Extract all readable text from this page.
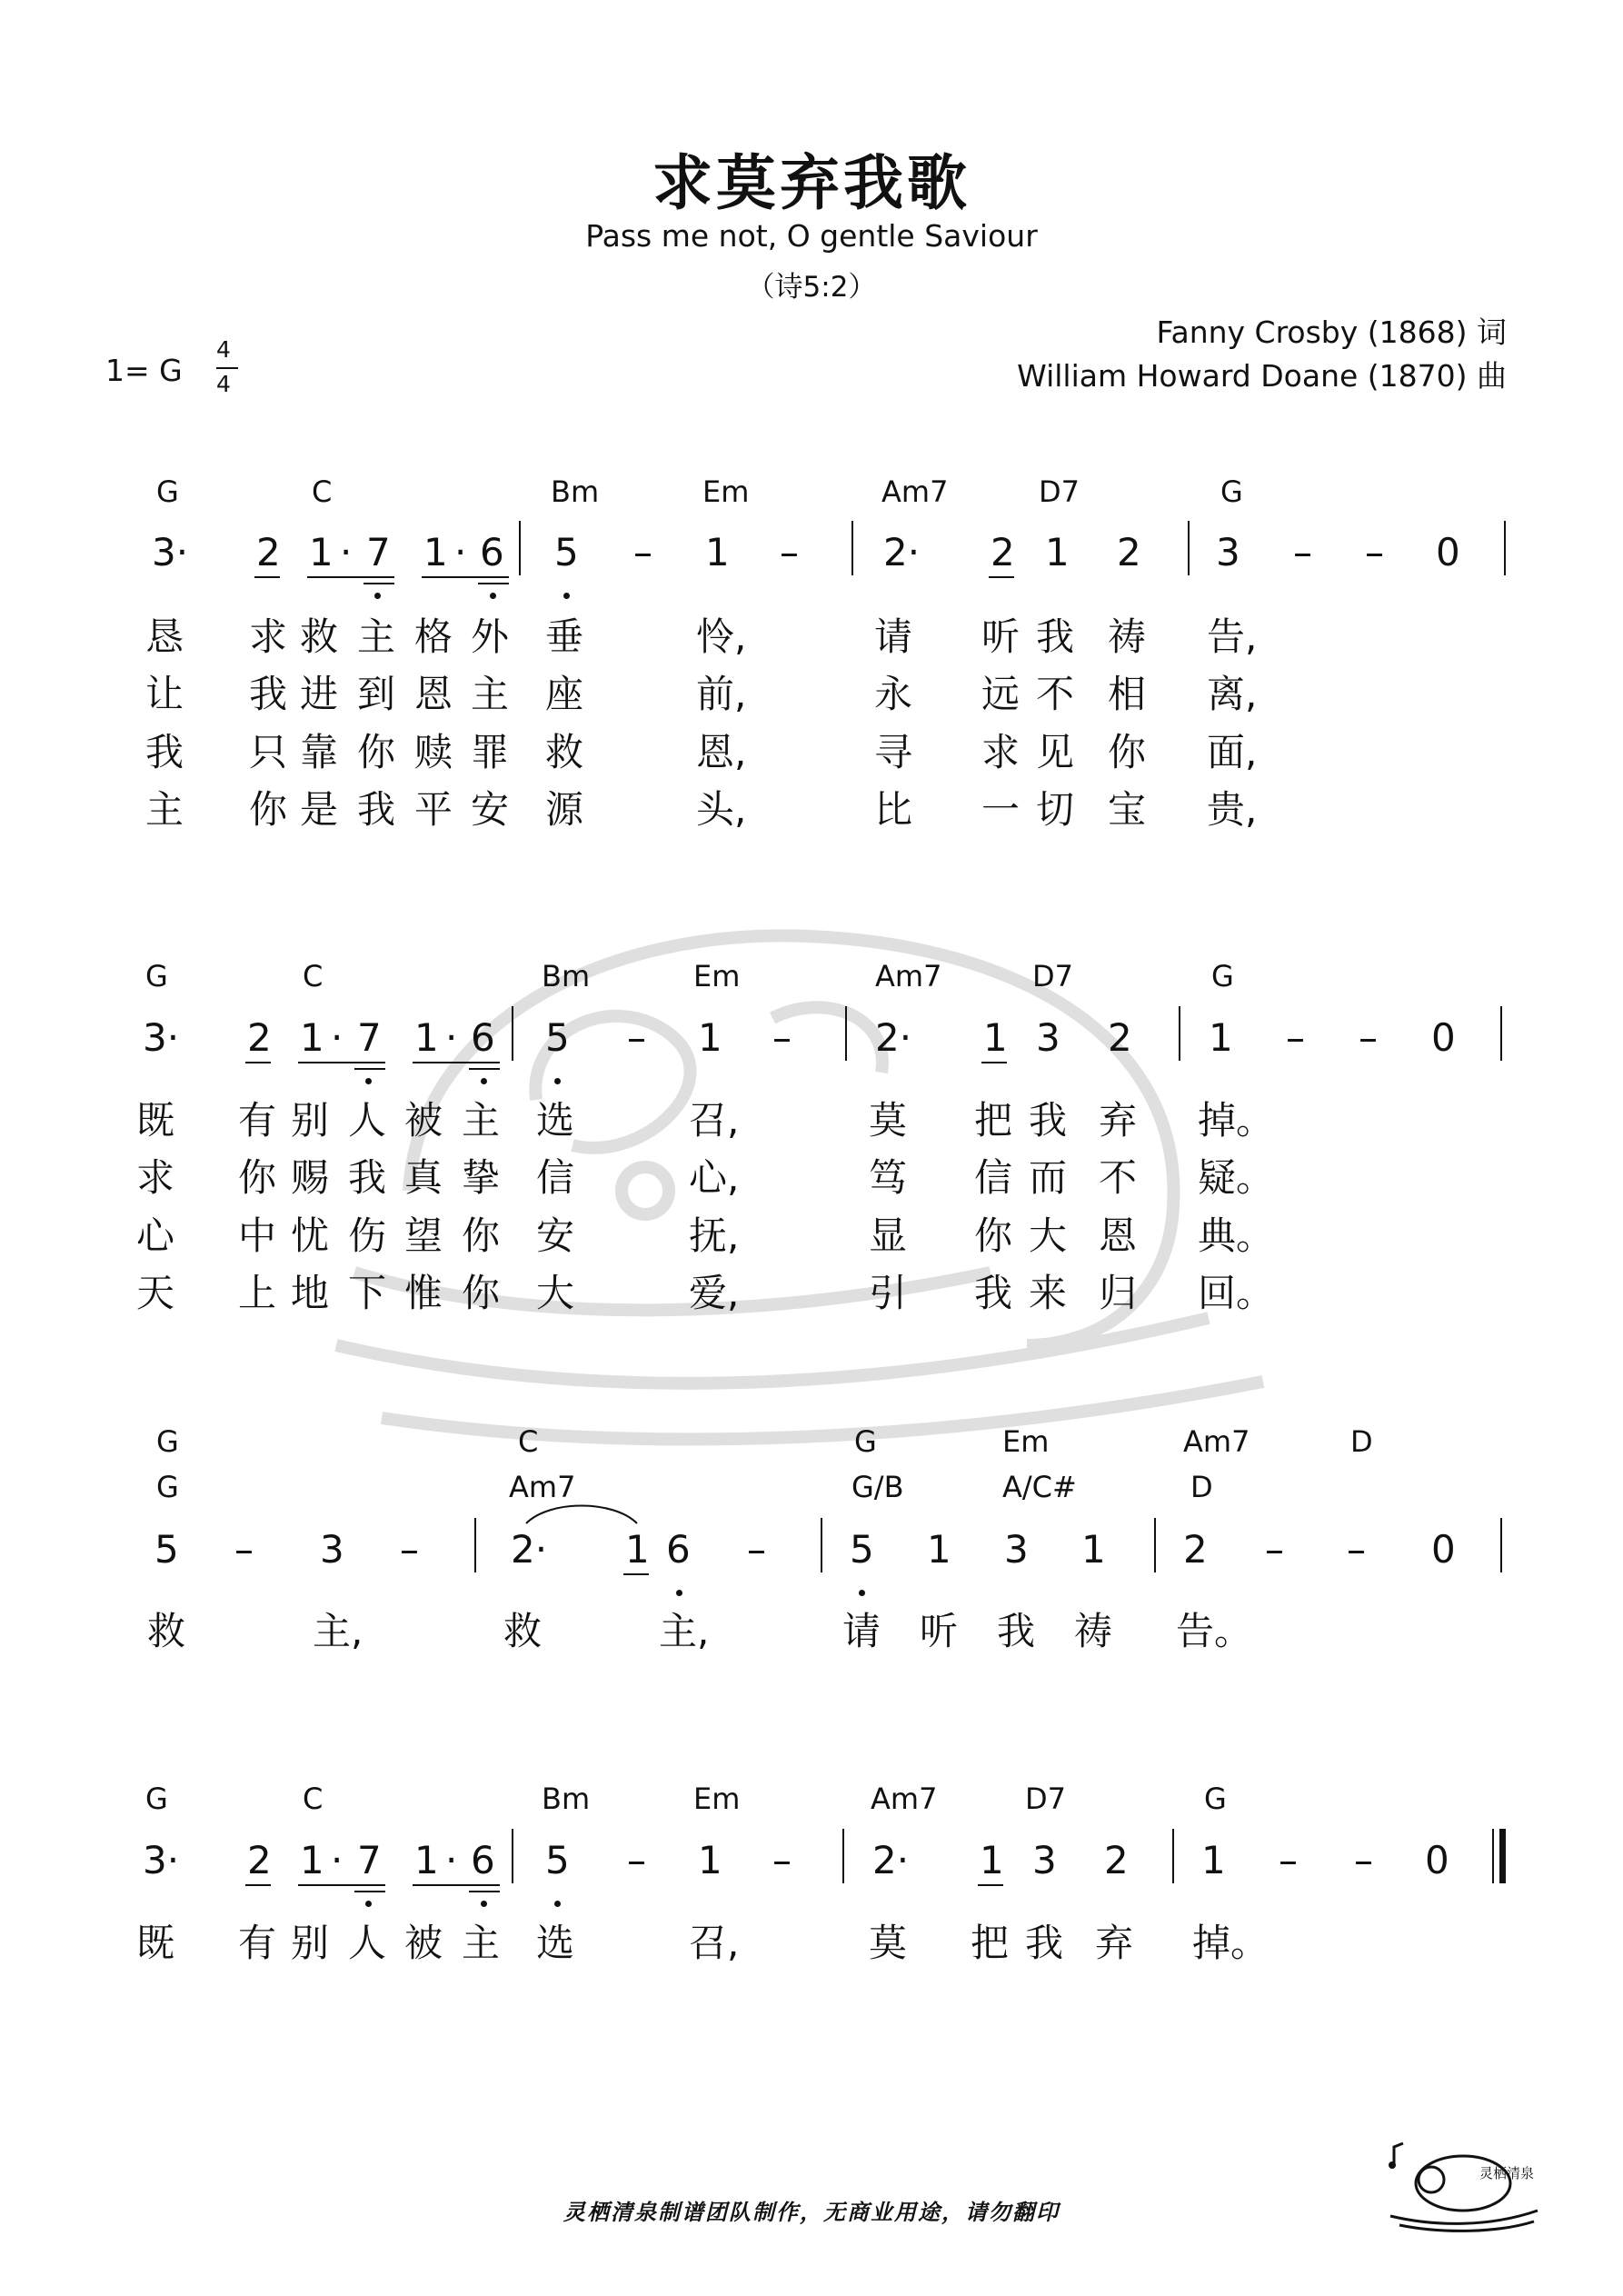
求莫弃我歌
Pass me not, O gentle Saviour
（诗5:2）
Fanny Crosby (1868) 词
William Howard Doane (1870) 曲
1= G
4
4
G	C	Bm	Em	Am7	D7	G
3· 2 1 · 7 1 · 6 5 – 1 – 2· 2 1 2 3 – – 0
恳 求 救 主 格 外 垂	怜,	请 听 我 祷 告,
让 我 进 到 恩 主 座	前,	永 远 不 相 离,
我 只 靠 你 赎 罪 救	恩,	寻 求 见 你 面,
主 你 是 我 平 安 源	头,	比 一 切 宝 贵,
G	C	Bm	Em	Am7	D7	G
3· 2 1 · 7 1 · 6 5 – 1 – 2· 1 3 2 1 – – 0
既 有 别 人 被 主 选	召,	莫 把 我 弃 掉。
求 你 赐 我 真 挚 信	心,	笃 信 而 不 疑。
心 中 忧 伤 望 你 安	抚,	显 你 大 恩 典。
天 上 地 下 惟 你 大	爱,	引 我 来 归 回。
G	C	G	Em	Am7	D
G	Am7	G/B	A/C#	D
5 – 3 – 2· 1 6 – 5 1 3 1 2 – – 0
救	主,	救	主,	请 听 我 祷 告。
G	C	Bm	Em	Am7	D7	G
3· 2 1 · 7 1 · 6 5 – 1 – 2· 1 3 2 1 – – 0
既 有 别 人 被 主 选	召,	莫 把 我 弃 掉。
灵栖清泉制谱团队制作，无商业用途，请勿翻印
灵栖清泉
